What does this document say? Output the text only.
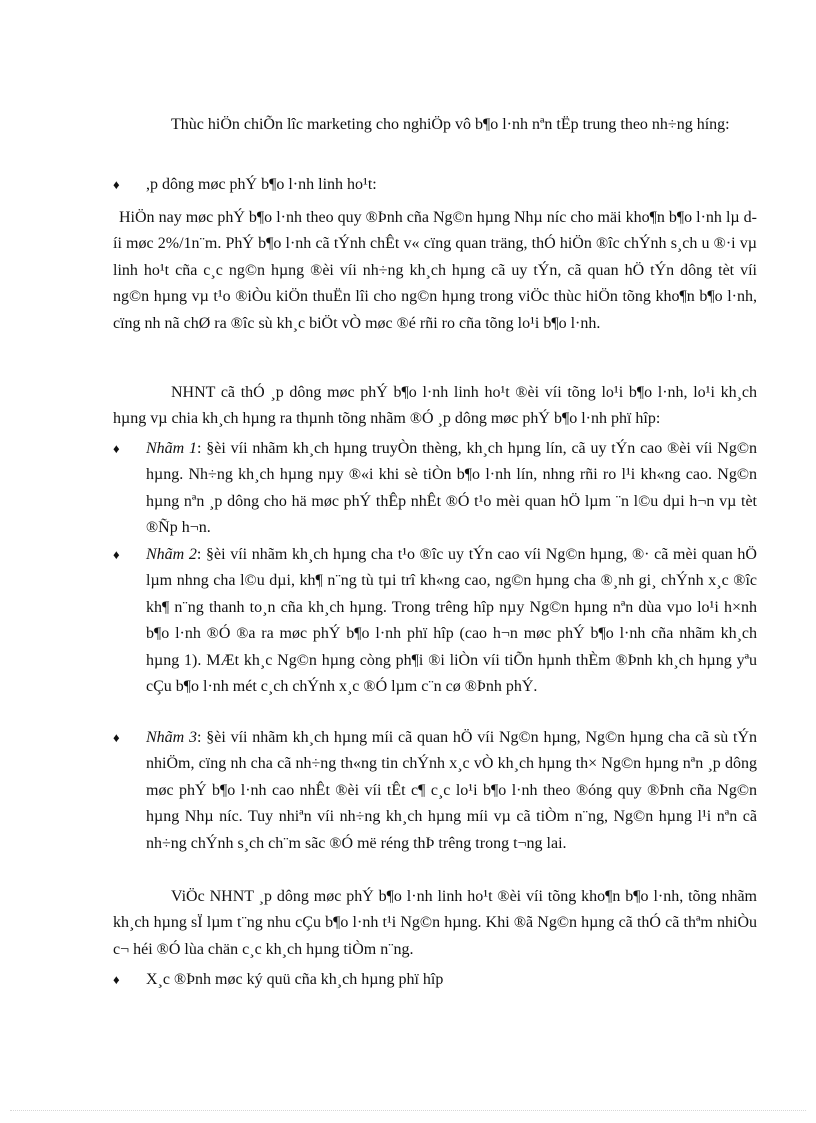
Thùc hiÖn chiÕn lîc marketing cho nghiÖp vô b¶o l·nh nªn tËp trung theo nh÷ng híng:

♦	,p dông møc phÝ b¶o l·nh linh ho¹t:

HiÖn nay møc phÝ b¶o l·nh theo quy ®Þnh cña Ng©n hµng Nhµ níc cho mäi kho¶n b¶o l·nh lµ díi møc 2%/1n¨m. PhÝ b¶o l·nh cã tÝnh chÊt v« cïng quan träng, thÓ hiÖn ®îc chÝnh s¸ch u ®·i vµ linh ho¹t cña c¸c ng©n hµng ®èi víi nh÷ng kh¸ch hµng cã uy tÝn, cã quan hÖ tÝn dông tèt víi ng©n hµng vµ t¹o ®iÒu kiÖn thuËn lîi cho ng©n hµng trong viÖc thùc hiÖn tõng kho¶n b¶o l·nh, cïng nh nã chØ ra ®îc sù kh¸c biÖt vÒ møc ®é rñi ro cña tõng lo¹i b¶o l·nh.

NHNT cã thÓ ¸p dông møc phÝ b¶o l·nh linh ho¹t ®èi víi tõng lo¹i b¶o l·nh, lo¹i kh¸ch hµng vµ chia kh¸ch hµng ra thµnh tõng nhãm ®Ó ¸p dông møc phÝ b¶o l·nh phï hîp:

♦	Nhãm 1: §èi víi nhãm kh¸ch hµng truyÒn thèng, kh¸ch hµng lín, cã uy tÝn cao ®èi víi Ng©n hµng. Nh÷ng kh¸ch hµng nµy ®«i khi sè tiÒn b¶o l·nh lín, nhng rñi ro l¹i kh«ng cao. Ng©n hµng nªn ¸p dông cho hä møc phÝ thÊp nhÊt ®Ó t¹o mèi quan hÖ lµm ¨n l©u dµi h¬n vµ tèt ®Ñp h¬n.
♦	Nhãm 2: §èi víi nhãm kh¸ch hµng cha t¹o ®îc uy tÝn cao víi Ng©n hµng, ®· cã mèi quan hÖ lµm nhng cha l©u dµi, kh¶ n¨ng tù tµi trî kh«ng cao, ng©n hµng cha ®¸nh gi¸ chÝnh x¸c ®îc kh¶ n¨ng thanh to¸n cña kh¸ch hµng. Trong trêng hîp nµy Ng©n hµng nªn dùa vµo lo¹i h×nh b¶o l·nh ®Ó ®a ra møc phÝ b¶o l·nh phï hîp (cao h¬n møc phÝ b¶o l·nh cña nhãm kh¸ch hµng 1). MÆt kh¸c Ng©n hµng còng ph¶i ®i liÒn víi tiÕn hµnh thÈm ®Þnh kh¸ch hµng yªu cÇu b¶o l·nh mét c¸ch chÝnh x¸c ®Ó lµm c¨n cø ®Þnh phÝ.
♦	Nhãm 3: §èi víi nhãm kh¸ch hµng míi cã quan hÖ víi Ng©n hµng, Ng©n hµng cha cã sù tÝn nhiÖm, cïng nh cha cã nh÷ng th«ng tin chÝnh x¸c vÒ kh¸ch hµng th× Ng©n hµng nªn ¸p dông møc phÝ b¶o l·nh cao nhÊt ®èi víi tÊt c¶ c¸c lo¹i b¶o l·nh theo ®óng quy ®Þnh cña Ng©n hµng Nhµ níc. Tuy nhiªn víi nh÷ng kh¸ch hµng míi vµ cã tiÒm n¨ng, Ng©n hµng l¹i nªn cã nh÷ng chÝnh s¸ch ch¨m sãc ®Ó më réng thÞ trêng trong t¬ng lai.

ViÖc NHNT ¸p dông møc phÝ b¶o l·nh linh ho¹t ®èi víi tõng kho¶n b¶o l·nh, tõng nhãm kh¸ch hµng sÏ lµm t¨ng nhu cÇu b¶o l·nh t¹i Ng©n hµng. Khi ®ã Ng©n hµng cã thÓ cã thªm nhiÒu c¬ héi ®Ó lùa chän c¸c kh¸ch hµng tiÒm n¨ng.

♦	X¸c ®Þnh møc ký quü cña kh¸ch hµng phï hîp
